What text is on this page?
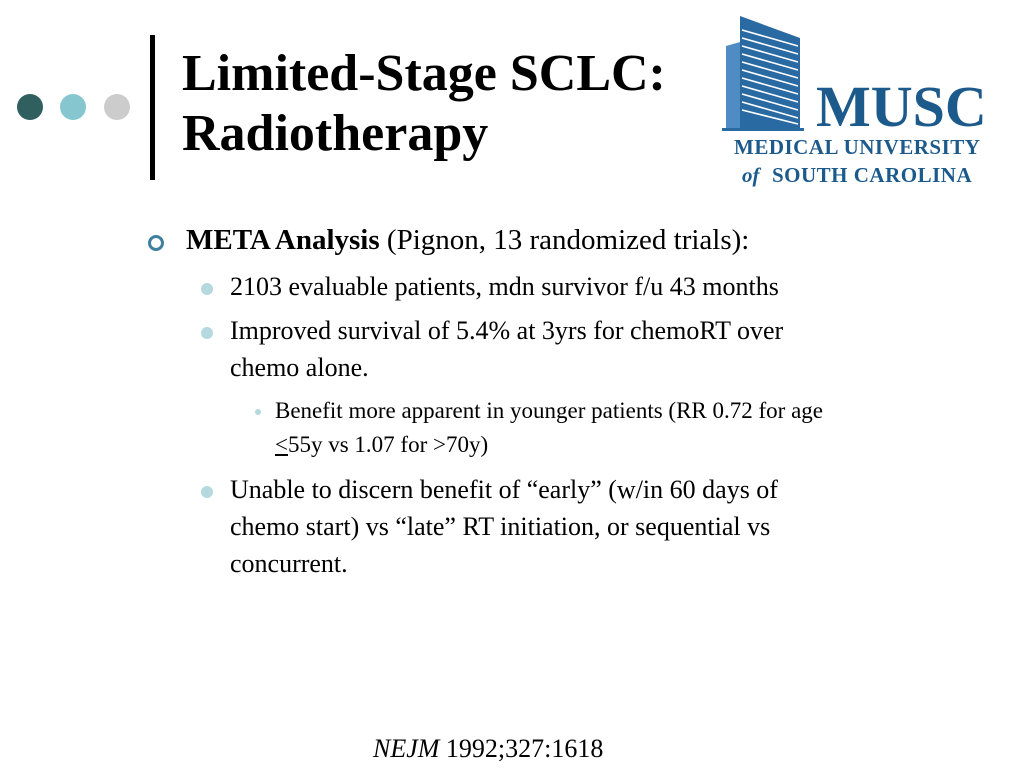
Limited-Stage SCLC:
Radiotherapy	MUSC
MEDICAL UNIVERSITY
of SOUTH CAROLINA
META Analysis (Pignon, 13 randomized trials):
2103 evaluable patients, mdn survivor f/u 43 months
Improved survival of 5.4% at 3yrs for chemoRT over
chemo alone.
Benefit more apparent in younger patients (RR 0.72 for age
≤55y vs 1.07 for >70y)
Unable to discern benefit of “early” (w/in 60 days of
chemo start) vs “late” RT initiation, or sequential vs
concurrent.
NEJM 1992;327:1618
